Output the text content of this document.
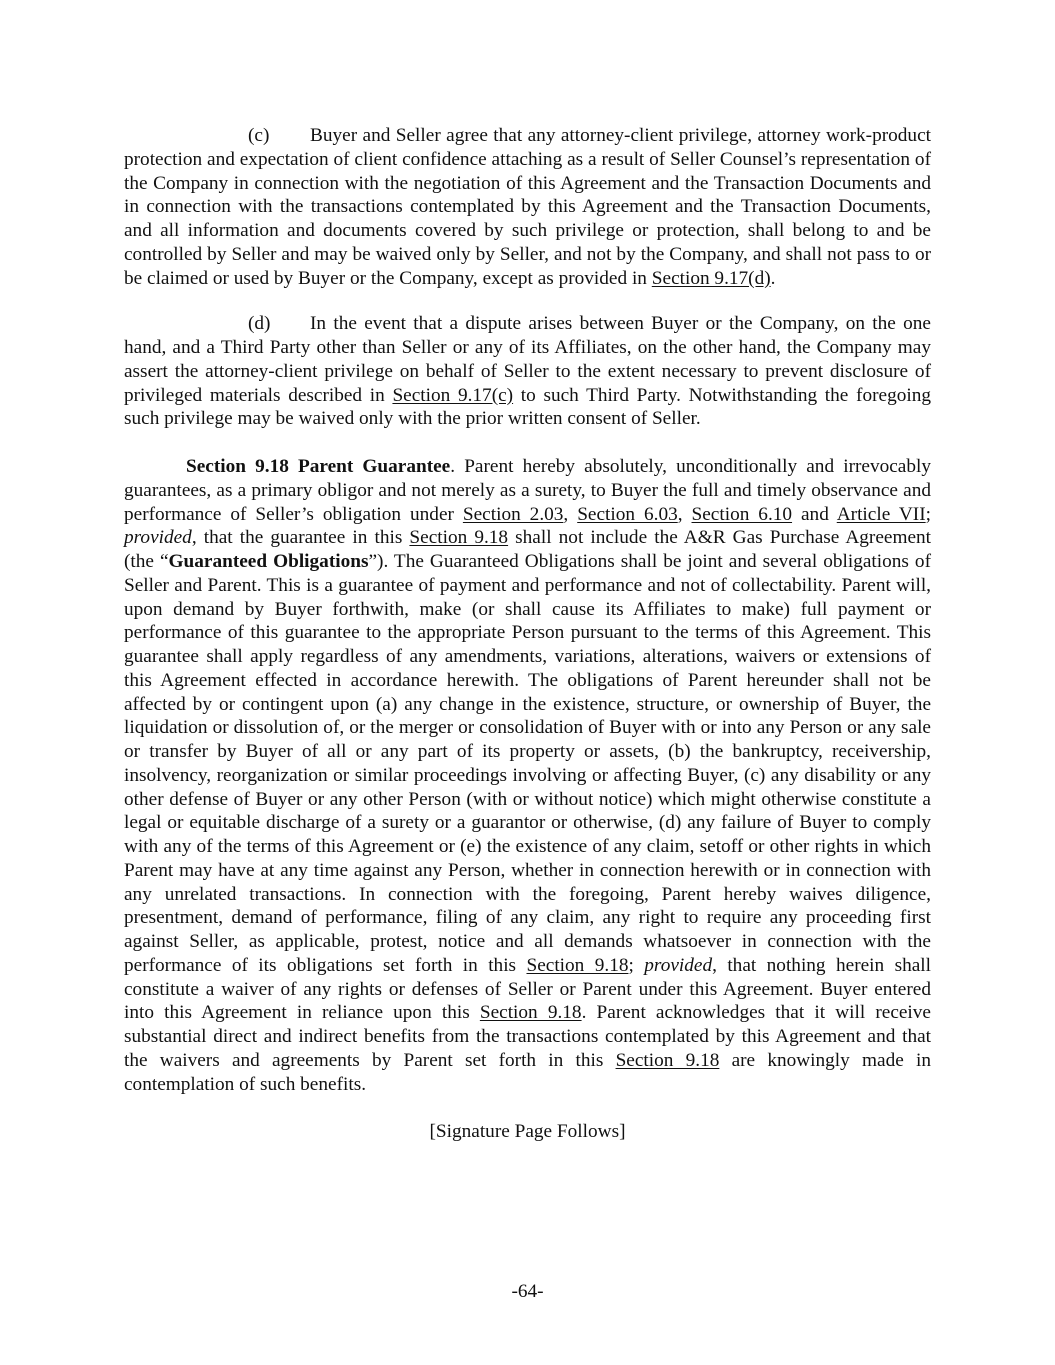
(c) Buyer and Seller agree that any attorney-client privilege, attorney work-product protection and expectation of client confidence attaching as a result of Seller Counsel’s representation of the Company in connection with the negotiation of this Agreement and the Transaction Documents and in connection with the transactions contemplated by this Agreement and the Transaction Documents, and all information and documents covered by such privilege or protection, shall belong to and be controlled by Seller and may be waived only by Seller, and not by the Company, and shall not pass to or be claimed or used by Buyer or the Company, except as provided in Section 9.17(d).

(d) In the event that a dispute arises between Buyer or the Company, on the one hand, and a Third Party other than Seller or any of its Affiliates, on the other hand, the Company may assert the attorney-client privilege on behalf of Seller to the extent necessary to prevent disclosure of privileged materials described in Section 9.17(c) to such Third Party. Notwithstanding the foregoing such privilege may be waived only with the prior written consent of Seller.

Section 9.18 Parent Guarantee. Parent hereby absolutely, unconditionally and irrevocably guarantees, as a primary obligor and not merely as a surety, to Buyer the full and timely observance and performance of Seller’s obligation under Section 2.03, Section 6.03, Section 6.10 and Article VII; provided, that the guarantee in this Section 9.18 shall not include the A&R Gas Purchase Agreement (the “Guaranteed Obligations”). The Guaranteed Obligations shall be joint and several obligations of Seller and Parent. This is a guarantee of payment and performance and not of collectability. Parent will, upon demand by Buyer forthwith, make (or shall cause its Affiliates to make) full payment or performance of this guarantee to the appropriate Person pursuant to the terms of this Agreement. This guarantee shall apply regardless of any amendments, variations, alterations, waivers or extensions of this Agreement effected in accordance herewith. The obligations of Parent hereunder shall not be affected by or contingent upon (a) any change in the existence, structure, or ownership of Buyer, the liquidation or dissolution of, or the merger or consolidation of Buyer with or into any Person or any sale or transfer by Buyer of all or any part of its property or assets, (b) the bankruptcy, receivership, insolvency, reorganization or similar proceedings involving or affecting Buyer, (c) any disability or any other defense of Buyer or any other Person (with or without notice) which might otherwise constitute a legal or equitable discharge of a surety or a guarantor or otherwise, (d) any failure of Buyer to comply with any of the terms of this Agreement or (e) the existence of any claim, setoff or other rights in which Parent may have at any time against any Person, whether in connection herewith or in connection with any unrelated transactions. In connection with the foregoing, Parent hereby waives diligence, presentment, demand of performance, filing of any claim, any right to require any proceeding first against Seller, as applicable, protest, notice and all demands whatsoever in connection with the performance of its obligations set forth in this Section 9.18; provided, that nothing herein shall constitute a waiver of any rights or defenses of Seller or Parent under this Agreement. Buyer entered into this Agreement in reliance upon this Section 9.18. Parent acknowledges that it will receive substantial direct and indirect benefits from the transactions contemplated by this Agreement and that the waivers and agreements by Parent set forth in this Section 9.18 are knowingly made in contemplation of such benefits.

[Signature Page Follows]

-64-
